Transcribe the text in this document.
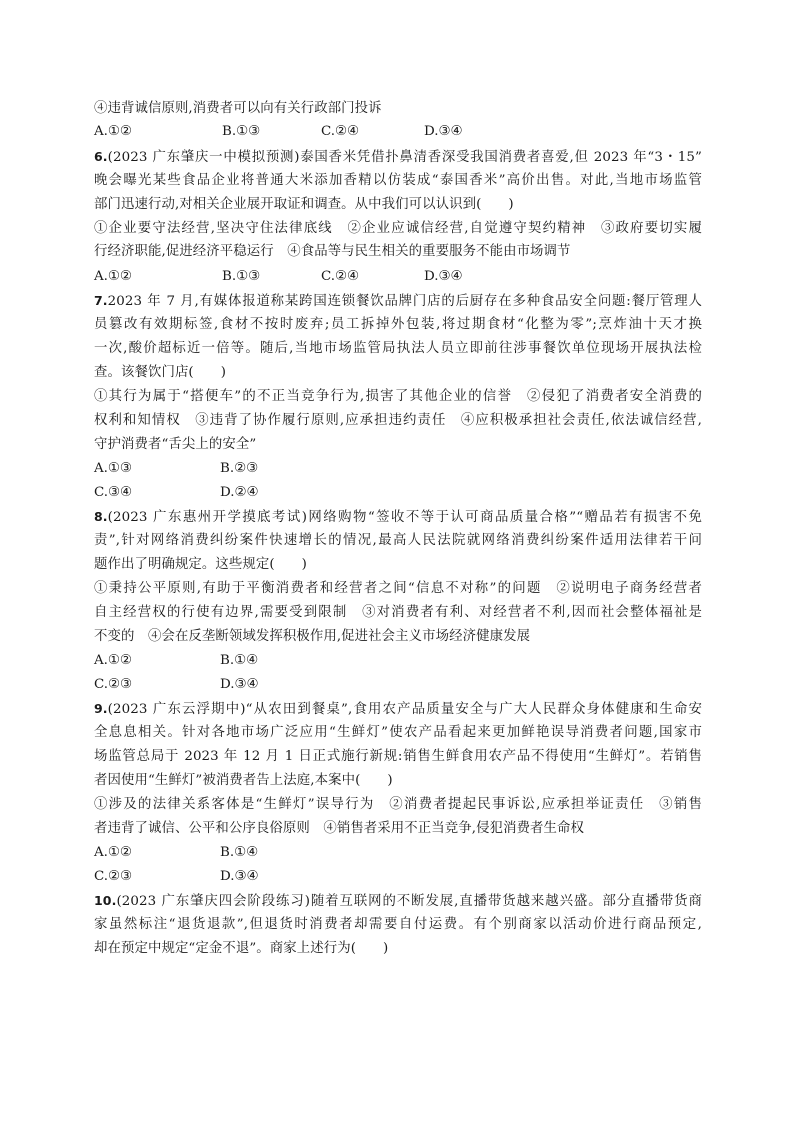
④违背诚信原则,消费者可以向有关行政部门投诉

A.①②	B.①③	C.②④	D.③④

6.(2023 广东肇庆一中模拟预测)泰国香米凭借扑鼻清香深受我国消费者喜爱,但 2023 年“3・15”

晚会曝光某些食品企业将普通大米添加香精以仿装成“泰国香米”高价出售。对此,当地市场监管

部门迅速行动,对相关企业展开取证和调查。从中我们可以认识到(　　)

①企业要守法经营,坚决守住法律底线　②企业应诚信经营,自觉遵守契约精神　③政府要切实履

行经济职能,促进经济平稳运行　④食品等与民生相关的重要服务不能由市场调节

A.①②	B.①③	C.②④	D.③④

7.2023 年 7 月,有媒体报道称某跨国连锁餐饮品牌门店的后厨存在多种食品安全问题:餐厅管理人

员篡改有效期标签,食材不按时废弃;员工拆掉外包装,将过期食材“化整为零”;烹炸油十天才换

一次,酸价超标近一倍等。随后,当地市场监管局执法人员立即前往涉事餐饮单位现场开展执法检

查。该餐饮门店(　　)

①其行为属于“搭便车”的不正当竞争行为,损害了其他企业的信誉　②侵犯了消费者安全消费的

权利和知情权　③违背了协作履行原则,应承担违约责任　④应积极承担社会责任,依法诚信经营,

守护消费者“舌尖上的安全”

A.①③	B.②③
C.③④	D.②④

8.(2023 广东惠州开学摸底考试)网络购物“签收不等于认可商品质量合格”“赠品若有损害不免

责”,针对网络消费纠纷案件快速增长的情况,最高人民法院就网络消费纠纷案件适用法律若干问

题作出了明确规定。这些规定(　　)

①秉持公平原则,有助于平衡消费者和经营者之间“信息不对称”的问题　②说明电子商务经营者

自主经营权的行使有边界,需要受到限制　③对消费者有利、对经营者不利,因而社会整体福祉是

不变的　④会在反垄断领域发挥积极作用,促进社会主义市场经济健康发展

A.①②	B.①④
C.②③	D.③④

9.(2023 广东云浮期中)“从农田到餐桌”,食用农产品质量安全与广大人民群众身体健康和生命安

全息息相关。针对各地市场广泛应用“生鲜灯”使农产品看起来更加鲜艳误导消费者问题,国家市

场监管总局于 2023 年 12 月 1 日正式施行新规:销售生鲜食用农产品不得使用“生鲜灯”。若销售

者因使用“生鲜灯”被消费者告上法庭,本案中(　　)

①涉及的法律关系客体是“生鲜灯”误导行为　②消费者提起民事诉讼,应承担举证责任　③销售

者违背了诚信、公平和公序良俗原则　④销售者采用不正当竞争,侵犯消费者生命权

A.①②	B.①④
C.②③	D.③④

10.(2023 广东肇庆四会阶段练习)随着互联网的不断发展,直播带货越来越兴盛。部分直播带货商

家虽然标注“退货退款”,但退货时消费者却需要自付运费。有个别商家以活动价进行商品预定,

却在预定中规定“定金不退”。商家上述行为(　　)
